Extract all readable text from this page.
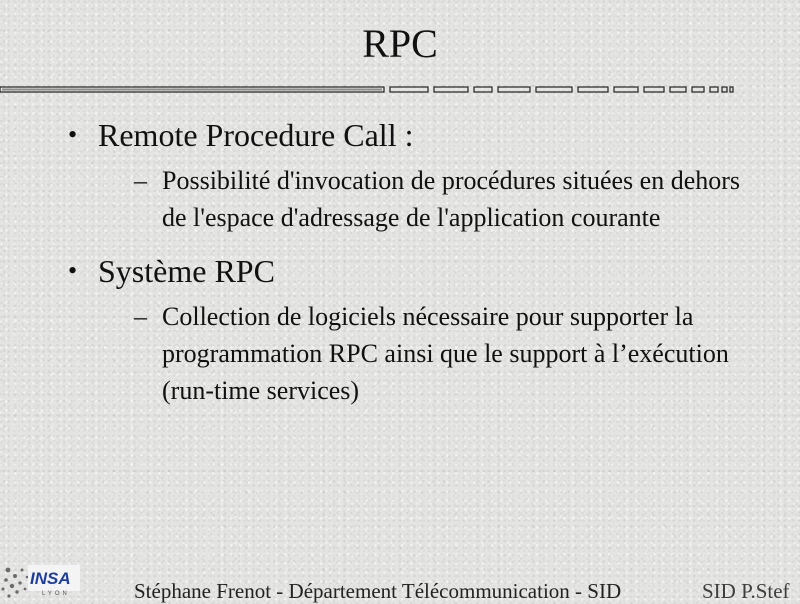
RPC

• Remote Procedure Call :

– Possibilité d'invocation de procédures situées en dehors de l'espace d'adressage de l'application courante

• Système RPC

– Collection de logiciels nécessaire pour supporter la programmation RPC ainsi que le support à l’exécution (run-time services)

INSA
LYON	Stéphane Frenot - Département Télécommunication - SID	SID P.Stef
